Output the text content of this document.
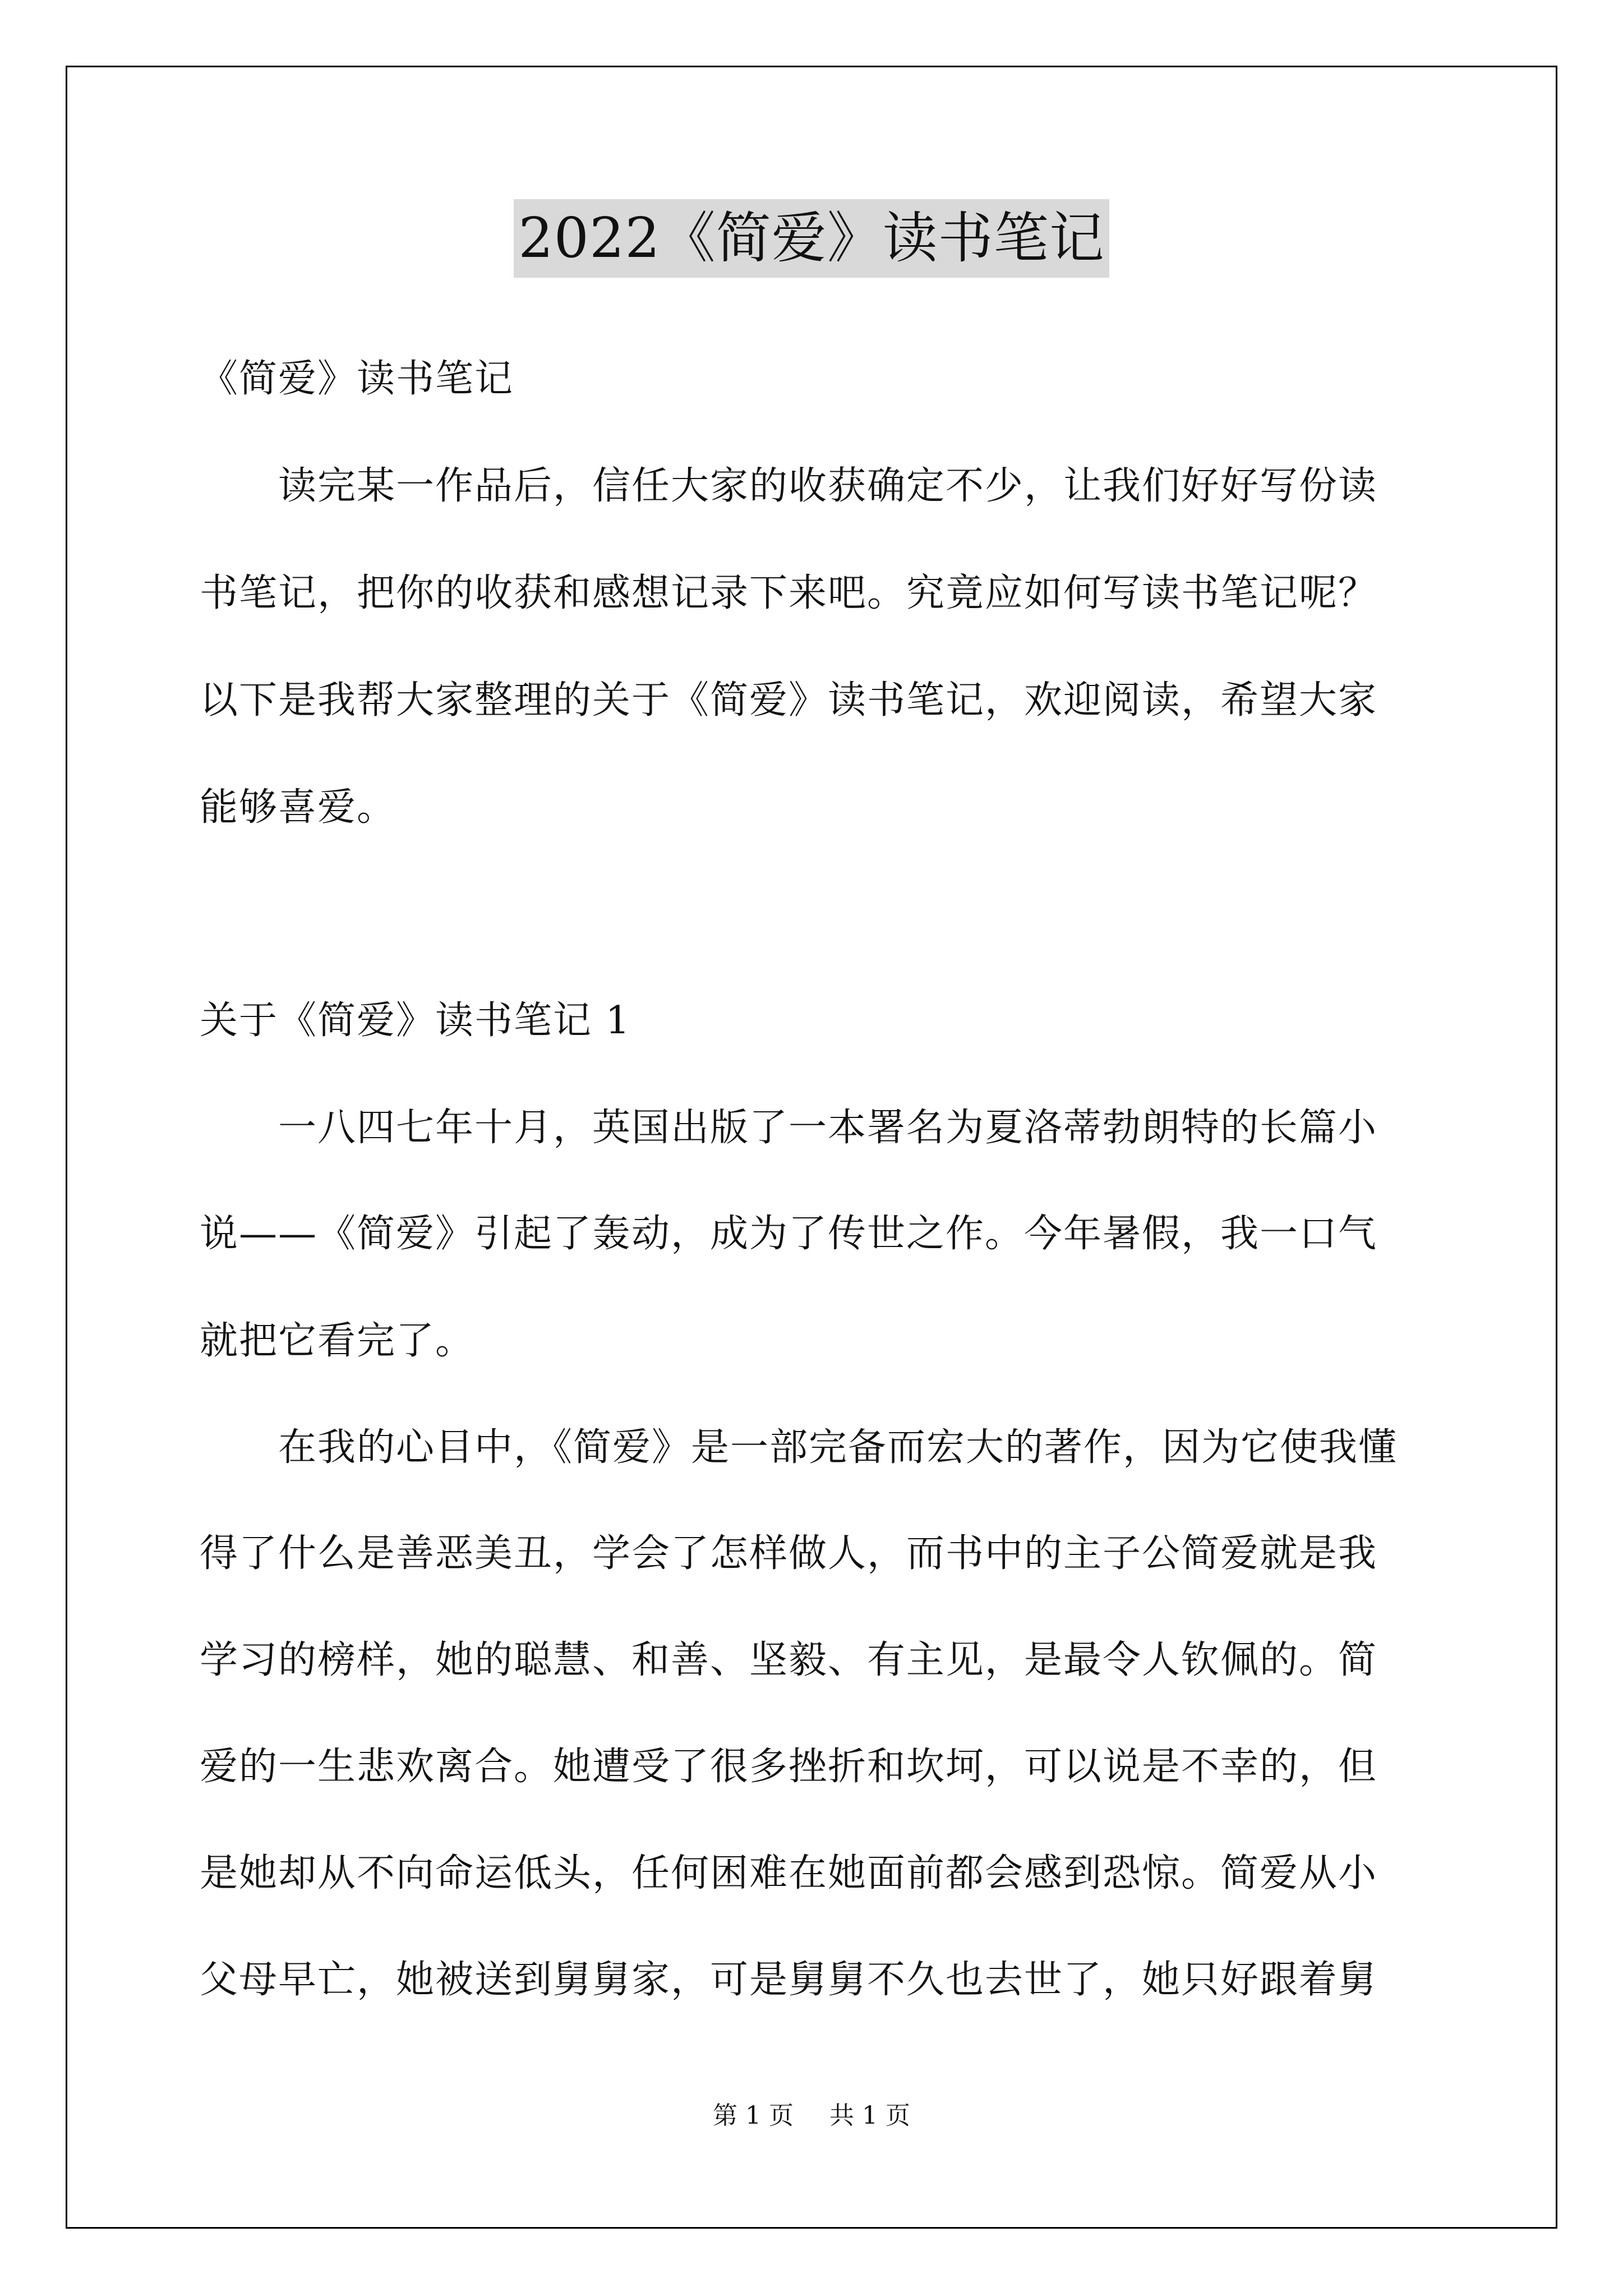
2022《简爱》读书笔记
《简爱》读书笔记
读完某一作品后，信任大家的收获确定不少，让我们好好写份读
书笔记，把你的收获和感想记录下来吧。究竟应如何写读书笔记呢？
以下是我帮大家整理的关于《简爱》读书笔记，欢迎阅读，希望大家
能够喜爱。
关于《简爱》读书笔记 1
一八四七年十月，英国出版了一本署名为夏洛蒂勃朗特的长篇小
说——《简爱》引起了轰动，成为了传世之作。今年暑假，我一口气
就把它看完了。
在我的心目中，《简爱》是一部完备而宏大的著作，因为它使我懂
得了什么是善恶美丑，学会了怎样做人，而书中的主子公简爱就是我
学习的榜样，她的聪慧、和善、坚毅、有主见，是最令人钦佩的。简
爱的一生悲欢离合。她遭受了很多挫折和坎坷，可以说是不幸的，但
是她却从不向命运低头，任何困难在她面前都会感到恐惊。简爱从小
父母早亡，她被送到舅舅家，可是舅舅不久也去世了，她只好跟着舅
第 1 页 共 1 页
